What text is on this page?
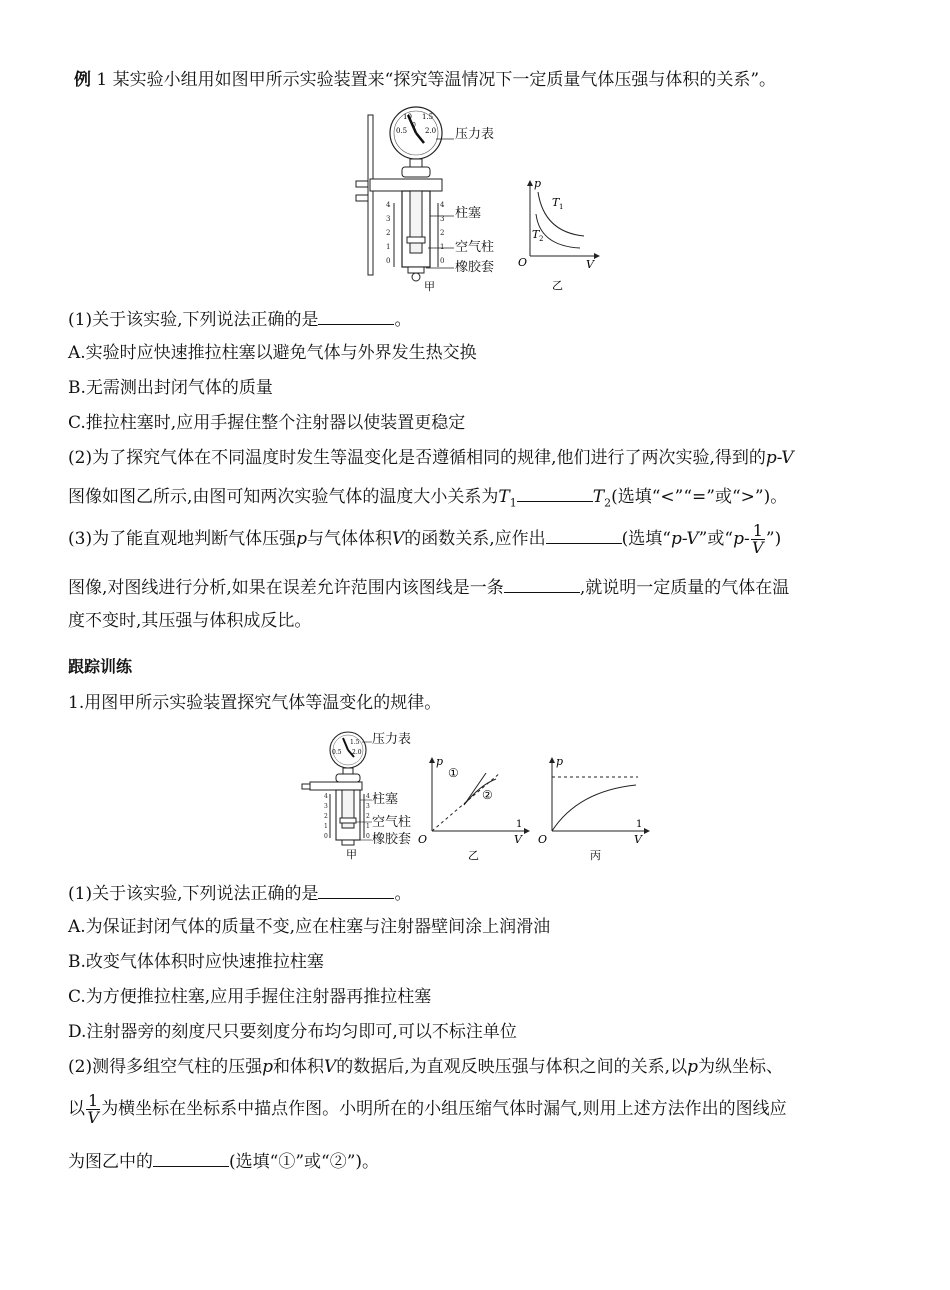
例 1 某实验小组用如图甲所示实验装置来“探究等温情况下一定质量气体压强与体积的关系”。
0.5
10 1.5
2.0
0
4
3
2
1
0
4
3
2
1
0
甲
压力表
柱塞
空气柱
橡胶套
p
O	V
T 1
T 2
乙
(1)关于该实验,下列说法正确的是	。
A.实验时应快速推拉柱塞以避免气体与外界发生热交换
B.无需测出封闭气体的质量
C.推拉柱塞时,应用手握住整个注射器以使装置更稳定
(2)为了探究气体在不同温度时发生等温变化是否遵循相同的规律,他们进行了两次实验,得到的p-V
图像如图乙所示,由图可知两次实验气体的温度大小关系为$T_1$	$T_2$(选填“<”“=”或“>”)。
(3)为了能直观地判断气体压强p与气体体积V的函数关系,应作出	(选填“p-V”或“$p- \frac{1}{V}$ ”)
图像,对图线进行分析,如果在误差允许范围内该图线是一条	,就说明一定质量的气体在温
度不变时,其压强与体积成反比。
跟踪训练
1.用图甲所示实验装置探究气体等温变化的规律。
0.5
1.5
2.0
4
3
2
1
0
4
3
2
1
0
甲
压力表
柱塞
空气柱
橡胶套
p
O
1
V
①
②
乙
p
O
1
V
丙
(1)关于该实验,下列说法正确的是	。
A.为保证封闭气体的质量不变,应在柱塞与注射器壁间涂上润滑油
B.改变气体体积时应快速推拉柱塞
C.为方便推拉柱塞,应用手握住注射器再推拉柱塞
D.注射器旁的刻度尺只要刻度分布均匀即可,可以不标注单位
(2)测得多组空气柱的压强p和体积V的数据后,为直观反映压强与体积之间的关系,以p为纵坐标、
以 $\frac{1}{V}$ 为横坐标在坐标系中描点作图。小明所在的小组压缩气体时漏气,则用上述方法作出的图线应
为图乙中的	(选填“①”或“②”)。
